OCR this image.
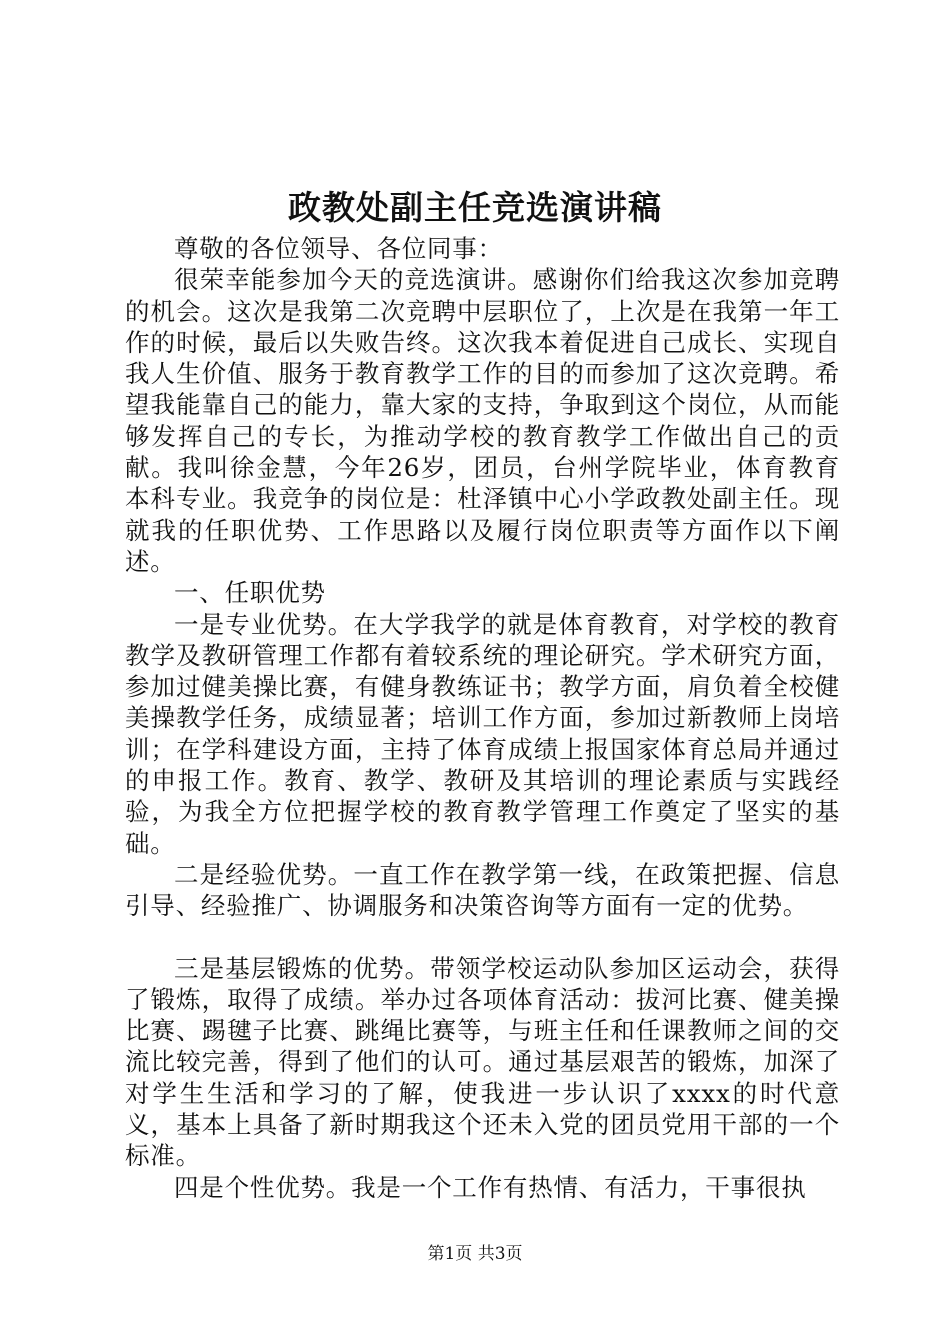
政教处副主任竞选演讲稿

尊敬的各位领导、各位同事：

很荣幸能参加今天的竞选演讲。感谢你们给我这次参加竞聘的机会。这次是我第二次竞聘中层职位了，上次是在我第一年工作的时候，最后以失败告终。这次我本着促进自己成长、实现自我人生价值、服务于教育教学工作的目的而参加了这次竞聘。希望我能靠自己的能力，靠大家的支持，争取到这个岗位，从而能够发挥自己的专长，为推动学校的教育教学工作做出自己的贡献。我叫徐金慧，今年26岁，团员，台州学院毕业，体育教育本科专业。我竞争的岗位是：杜泽镇中心小学政教处副主任。现就我的任职优势、工作思路以及履行岗位职责等方面作以下阐述。

一、任职优势

一是专业优势。在大学我学的就是体育教育，对学校的教育教学及教研管理工作都有着较系统的理论研究。学术研究方面，参加过健美操比赛，有健身教练证书；教学方面，肩负着全校健美操教学任务，成绩显著；培训工作方面，参加过新教师上岗培训；在学科建设方面，主持了体育成绩上报国家体育总局并通过的申报工作。教育、教学、教研及其培训的理论素质与实践经验，为我全方位把握学校的教育教学管理工作奠定了坚实的基础。

二是经验优势。一直工作在教学第一线，在政策把握、信息引导、经验推广、协调服务和决策咨询等方面有一定的优势。

三是基层锻炼的优势。带领学校运动队参加区运动会，获得了锻炼，取得了成绩。举办过各项体育活动：拔河比赛、健美操比赛、踢毽子比赛、跳绳比赛等，与班主任和任课教师之间的交流比较完善，得到了他们的认可。通过基层艰苦的锻炼，加深了对学生生活和学习的了解，使我进一步认识了xxxx的时代意义，基本上具备了新时期我这个还未入党的团员党用干部的一个标准。

四是个性优势。我是一个工作有热情、有活力，干事很执

第1页 共3页
